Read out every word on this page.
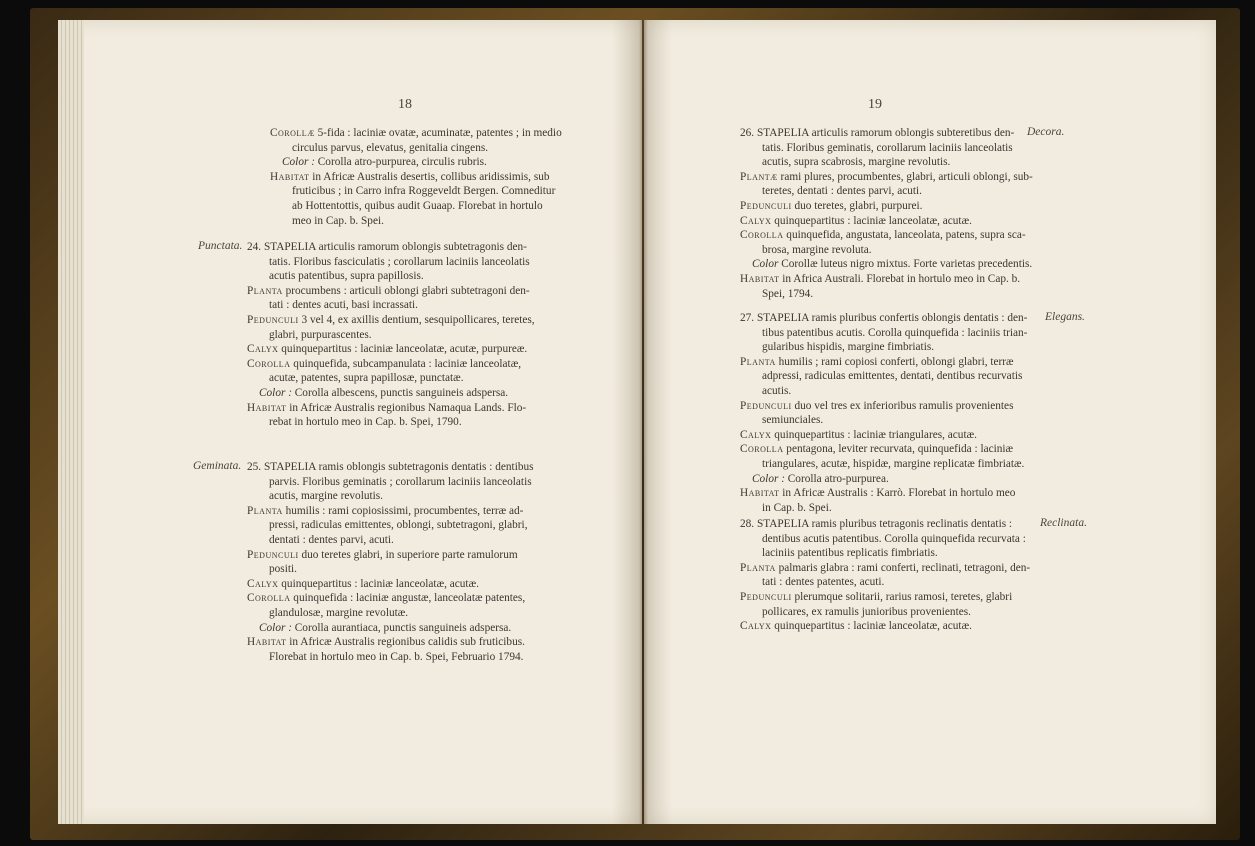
18	19
Corollæ 5-fida : laciniæ ovatæ, acuminatæ, patentes ; in medio
circulus parvus, elevatus, genitalia cingens.
Color : Corolla atro-purpurea, circulis rubris.
Habitat in Africæ Australis desertis, collibus aridissimis, sub
fruticibus ; in Carro infra Roggeveldt Bergen. Comneditur
ab Hottentottis, quibus audit Guaap. Florebat in hortulo
meo in Cap. b. Spei.
24. STAPELIA articulis ramorum oblongis subtetragonis den-
tatis. Floribus fasciculatis ; corollarum laciniis lanceolatis
acutis patentibus, supra papillosis.
Planta procumbens : articuli oblongi glabri subtetragoni den-
tati : dentes acuti, basi incrassati.
Pedunculi 3 vel 4, ex axillis dentium, sesquipollicares, teretes,
glabri, purpurascentes.
Calyx quinquepartitus : laciniæ lanceolatæ, acutæ, purpureæ.
Corolla quinquefida, subcampanulata : laciniæ lanceolatæ,
acutæ, patentes, supra papillosæ, punctatæ.
Color : Corolla albescens, punctis sanguineis adspersa.
Habitat in Africæ Australis regionibus Namaqua Lands. Flo-
rebat in hortulo meo in Cap. b. Spei, 1790.
25. STAPELIA ramis oblongis subtetragonis dentatis : dentibus
parvis. Floribus geminatis ; corollarum laciniis lanceolatis
acutis, margine revolutis.
Planta humilis : rami copiosissimi, procumbentes, terræ ad-
pressi, radiculas emittentes, oblongi, subtetragoni, glabri,
dentati : dentes parvi, acuti.
Pedunculi duo teretes glabri, in superiore parte ramulorum
positi.
Calyx quinquepartitus : laciniæ lanceolatæ, acutæ.
Corolla quinquefida : laciniæ angustæ, lanceolatæ patentes,
glandulosæ, margine revolutæ.
Color : Corolla aurantiaca, punctis sanguineis adspersa.
Habitat in Africæ Australis regionibus calidis sub fruticibus.
Florebat in hortulo meo in Cap. b. Spei, Februario 1794.
26. STAPELIA articulis ramorum oblongis subteretibus den-
tatis. Floribus geminatis, corollarum laciniis lanceolatis
acutis, supra scabrosis, margine revolutis.
Plantæ rami plures, procumbentes, glabri, articuli oblongi, sub-
teretes, dentati : dentes parvi, acuti.
Pedunculi duo teretes, glabri, purpurei.
Calyx quinquepartitus : laciniæ lanceolatæ, acutæ.
Corolla quinquefida, angustata, lanceolata, patens, supra sca-
brosa, margine revoluta.
Color Corollæ luteus nigro mixtus. Forte varietas precedentis.
Habitat in Africa Australi. Florebat in hortulo meo in Cap. b.
Spei, 1794.
27. STAPELIA ramis pluribus confertis oblongis dentatis : den-
tibus patentibus acutis. Corolla quinquefida : laciniis trian-
gularibus hispidis, margine fimbriatis.
Planta humilis ; rami copiosi conferti, oblongi glabri, terræ
adpressi, radiculas emittentes, dentati, dentibus recurvatis
acutis.
Pedunculi duo vel tres ex inferioribus ramulis provenientes
semiunciales.
Calyx quinquepartitus : laciniæ triangulares, acutæ.
Corolla pentagona, leviter recurvata, quinquefida : laciniæ
triangulares, acutæ, hispidæ, margine replicatæ fimbriatæ.
Color : Corolla atro-purpurea.
Habitat in Africæ Australis : Karrò. Florebat in hortulo meo
in Cap. b. Spei.
28. STAPELIA ramis pluribus tetragonis reclinatis dentatis :
dentibus acutis patentibus. Corolla quinquefida recurvata :
laciniis patentibus replicatis fimbriatis.
Planta palmaris glabra : rami conferti, reclinati, tetragoni, den-
tati : dentes patentes, acuti.
Pedunculi plerumque solitarii, rarius ramosi, teretes, glabri
pollicares, ex ramulis junioribus provenientes.
Calyx quinquepartitus : laciniæ lanceolatæ, acutæ.
Punctata.
Geminata.
Decora.
Elegans.
Reclinata.
